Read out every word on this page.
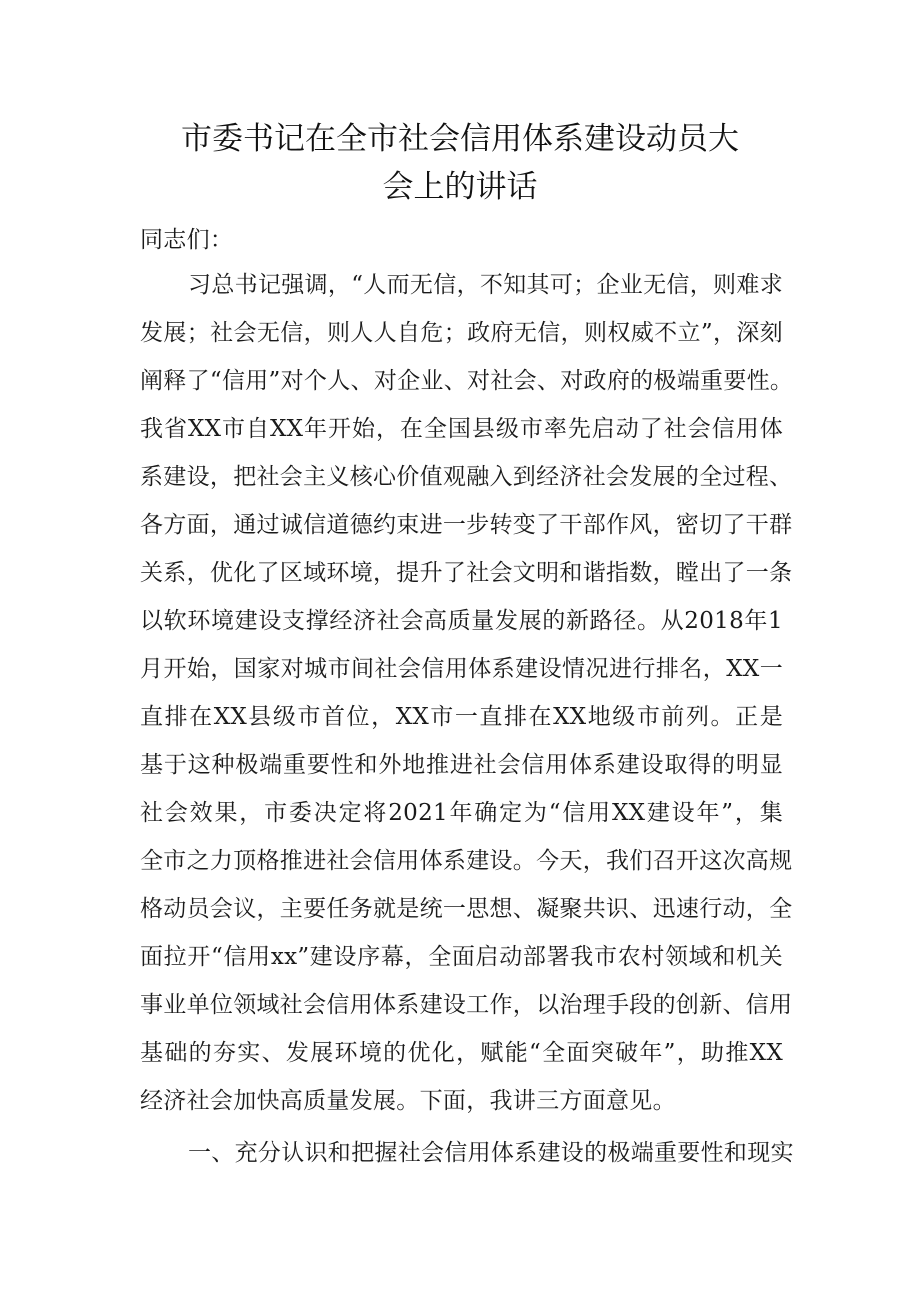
市委书记在全市社会信用体系建设动员大
会上的讲话
同志们：
习总书记强调，“人而无信，不知其可；企业无信，则难求
发展；社会无信，则人人自危；政府无信，则权威不立”，深刻
阐释了“信用”对个人、对企业、对社会、对政府的极端重要性。
我省XX市自XX年开始，在全国县级市率先启动了社会信用体
系建设，把社会主义核心价值观融入到经济社会发展的全过程、
各方面，通过诚信道德约束进一步转变了干部作风，密切了干群
关系，优化了区域环境，提升了社会文明和谐指数，瞠出了一条
以软环境建设支撑经济社会高质量发展的新路径。从2018年1
月开始，国家对城市间社会信用体系建设情况进行排名，XX一
直排在XX县级市首位，XX市一直排在XX地级市前列。正是
基于这种极端重要性和外地推进社会信用体系建设取得的明显
社会效果，市委决定将2021年确定为“信用XX建设年”，集
全市之力顶格推进社会信用体系建设。今天，我们召开这次高规
格动员会议，主要任务就是统一思想、凝聚共识、迅速行动，全
面拉开“信用xx”建设序幕，全面启动部署我市农村领域和机关
事业单位领域社会信用体系建设工作，以治理手段的创新、信用
基础的夯实、发展环境的优化，赋能“全面突破年”，助推XX
经济社会加快高质量发展。下面，我讲三方面意见。
一、充分认识和把握社会信用体系建设的极端重要性和现实
